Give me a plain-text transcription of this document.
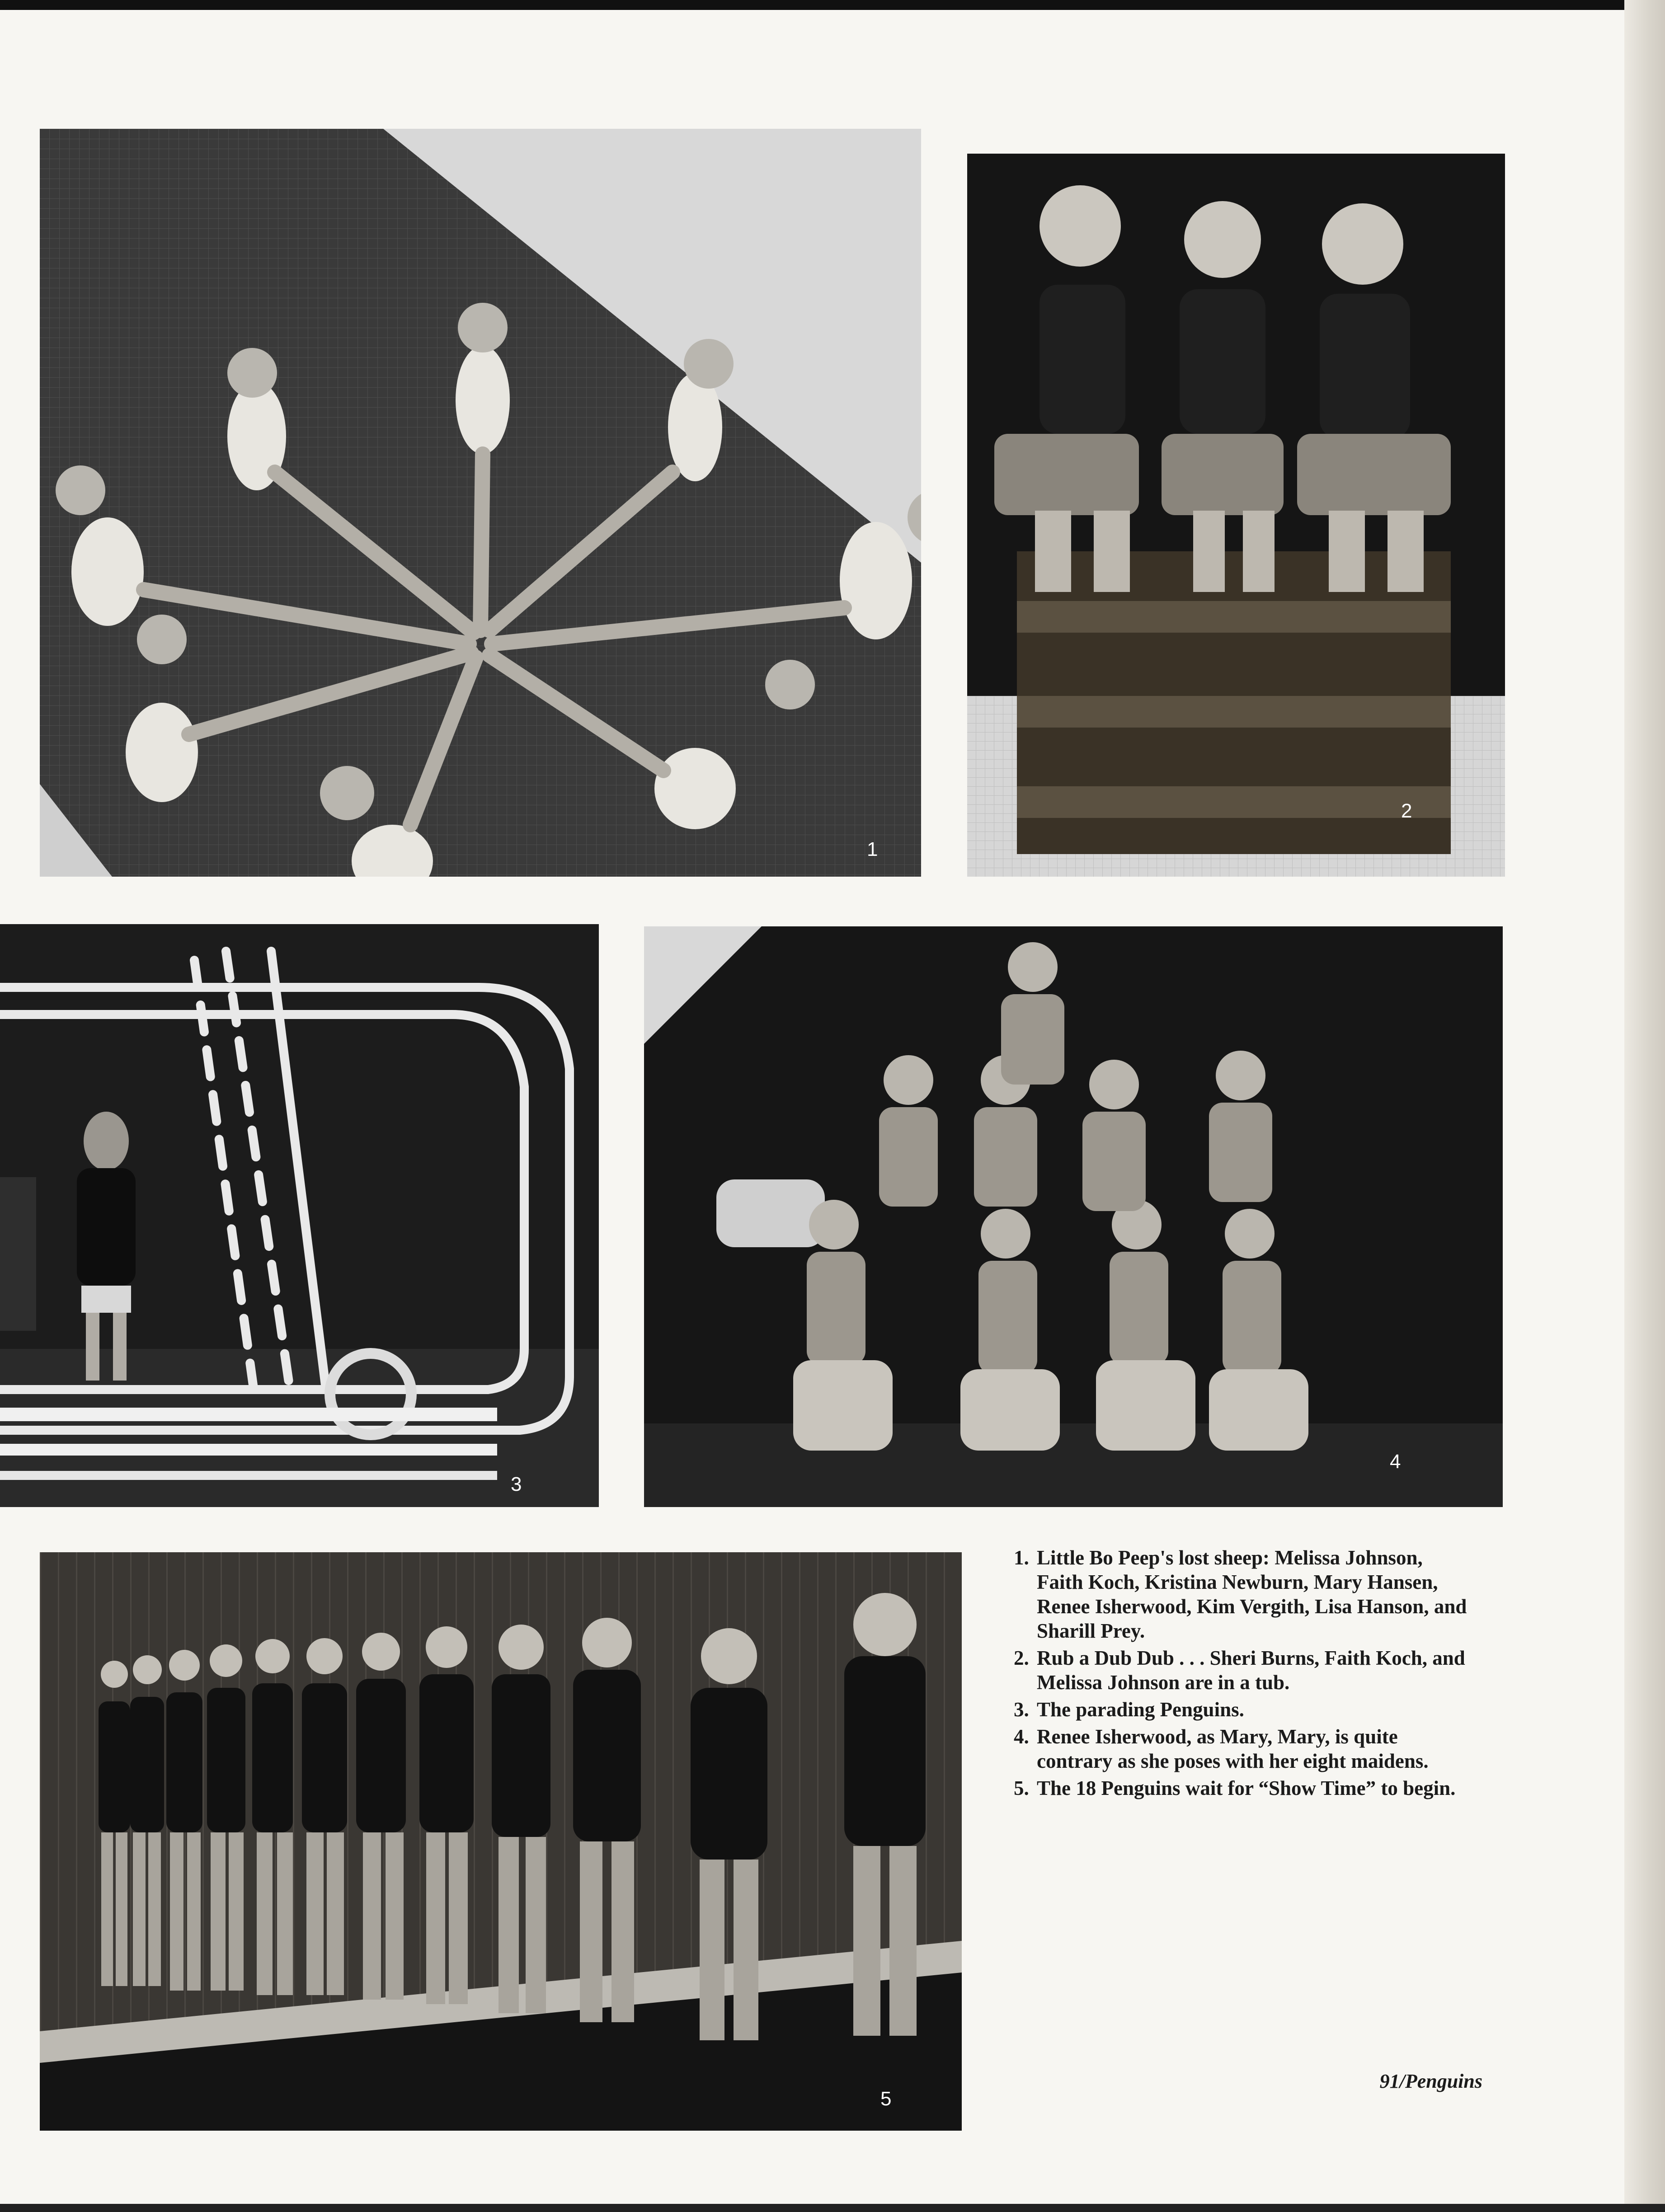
1
2
3
4
5
1. Little Bo Peep's lost sheep: Melissa Johnson, Faith Koch, Kristina Newburn, Mary Hansen, Renee Isherwood, Kim Vergith, Lisa Hanson, and Sharill Prey.
2. Rub a Dub Dub . . . Sheri Burns, Faith Koch, and Melissa Johnson are in a tub.
3. The parading Penguins.
4. Renee Isherwood, as Mary, Mary, is quite contrary as she poses with her eight maidens.
5. The 18 Penguins wait for “Show Time” to begin.
91/Penguins
